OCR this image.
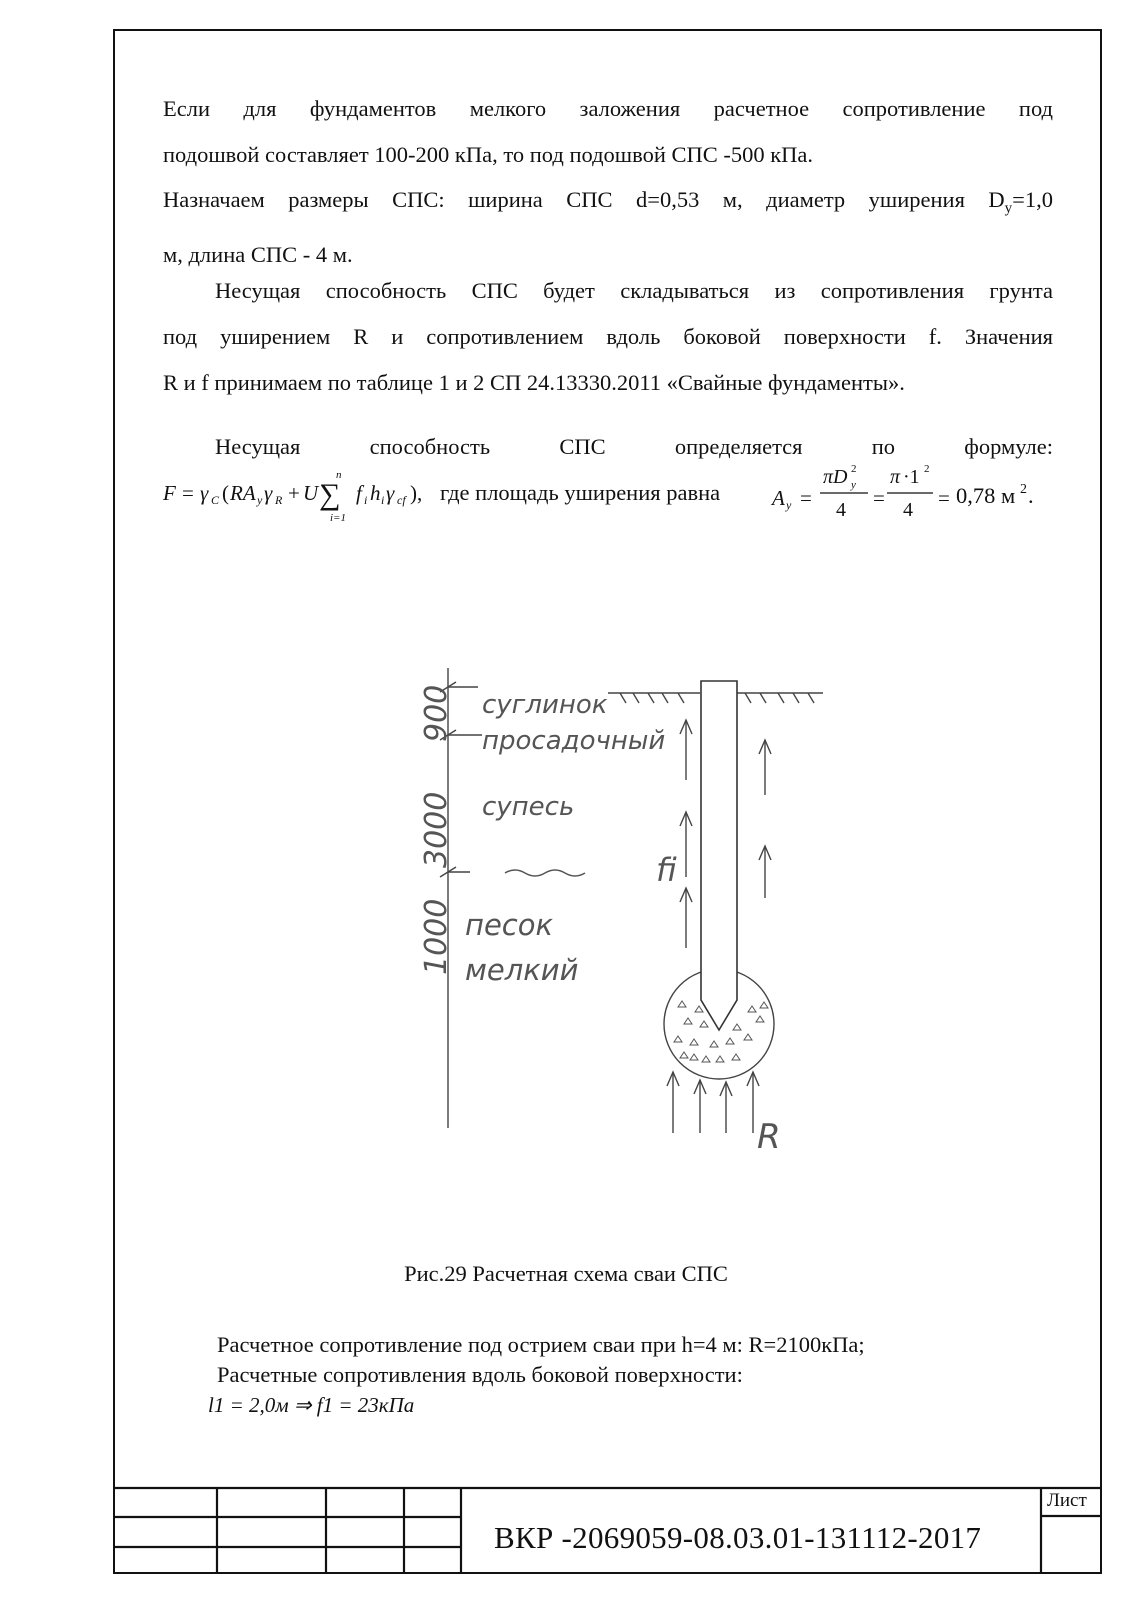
Если для фундаментов мелкого заложения расчетное сопротивление под
подошвой составляет 100-200 кПа, то под подошвой СПС -500 кПа.
Назначаем размеры СПС: ширина СПС d=0,53 м, диаметр уширения $D_y=1,0$
м, длина СПС - 4 м.
Несущая способность СПС будет складываться из сопротивления грунта
под уширением R и сопротивлением вдоль боковой поверхности f. Значения
R и f принимаем по таблице 1 и 2 СП 24.13330.2011 «Свайные фундаменты».
Несущая способность СПС определяется по формуле:
F = γ C ( RA y γ R + U ∑
n
i=1
f i h i γ cf ), где площадь уширения равна A y =
πD 2
y
4 =
π ·1 2
4 = 0,78 м 2 .
900
3000
1000
суглинок
просадочный
супесь
песок
мелкий
fi
R
Рис.29 Расчетная схема сваи СПС
Расчетное сопротивление под острием сваи при h=4 м: R=2100кПа;
Расчетные сопротивления вдоль боковой поверхности:
l1 = 2,0м ⇒ f1 = 23кПа
ВКР -2069059-08.03.01-131112-2017
Лист
